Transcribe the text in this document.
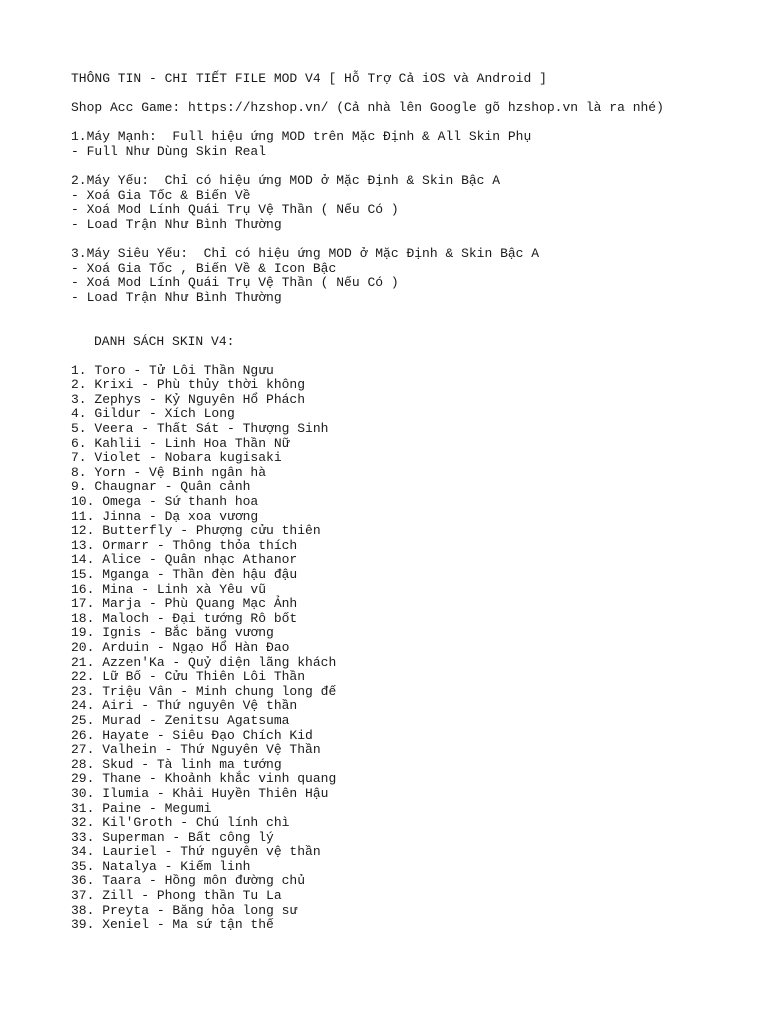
THÔNG TIN - CHI TIẾT FILE MOD V4 [ Hỗ Trợ Cả iOS và Android ]
Shop Acc Game: https://hzshop.vn/ (Cả nhà lên Google gõ hzshop.vn là ra nhé)
1.Máy Mạnh:  Full hiệu ứng MOD trên Mặc Định & All Skin Phụ
- Full Như Dùng Skin Real
2.Máy Yếu:  Chỉ có hiệu ứng MOD ở Mặc Định & Skin Bậc A
- Xoá Gia Tốc & Biến Về
- Xoá Mod Lính Quái Trụ Vệ Thần ( Nếu Có )
- Load Trận Như Bình Thường
3.Máy Siêu Yếu:  Chỉ có hiệu ứng MOD ở Mặc Định & Skin Bậc A
- Xoá Gia Tốc , Biến Về & Icon Bậc
- Xoá Mod Lính Quái Trụ Vệ Thần ( Nếu Có )
- Load Trận Như Bình Thường
DANH SÁCH SKIN V4:
1. Toro - Tử Lôi Thần Ngưu
2. Krixi - Phù thủy thời không
3. Zephys - Kỷ Nguyên Hổ Phách
4. Gildur - Xích Long
5. Veera - Thất Sát - Thượng Sinh
6. Kahlii - Linh Hoa Thần Nữ
7. Violet - Nobara kugisaki
8. Yorn - Vệ Binh ngân hà
9. Chaugnar - Quân cảnh
10. Omega - Sứ thanh hoa
11. Jinna - Dạ xoa vương
12. Butterfly - Phượng cửu thiên
13. Ormarr - Thông thỏa thích
14. Alice - Quân nhạc Athanor
15. Mganga - Thần đèn hậu đậu
16. Mina - Linh xà Yêu vũ
17. Marja - Phù Quang Mạc Ảnh
18. Maloch - Đại tướng Rô bốt
19. Ignis - Bắc băng vương
20. Arduin - Ngạo Hổ Hàn Đao
21. Azzen'Ka - Quỷ diện lãng khách
22. Lữ Bố - Cửu Thiên Lôi Thần
23. Triệu Vân - Minh chung long đế
24. Airi - Thứ nguyên Vệ thần
25. Murad - Zenitsu Agatsuma
26. Hayate - Siêu Đạo Chích Kid
27. Valhein - Thứ Nguyên Vệ Thần
28. Skud - Tà linh ma tướng
29. Thane - Khoảnh khắc vinh quang
30. Ilumia - Khải Huyền Thiên Hậu
31. Paine - Megumi
32. Kil'Groth - Chú lính chì
33. Superman - Bất công lý
34. Lauriel - Thứ nguyên vệ thần
35. Natalya - Kiếm linh
36. Taara - Hồng môn đường chủ
37. Zill - Phong thần Tu La
38. Preyta - Băng hỏa long sư
39. Xeniel - Ma sứ tận thế
